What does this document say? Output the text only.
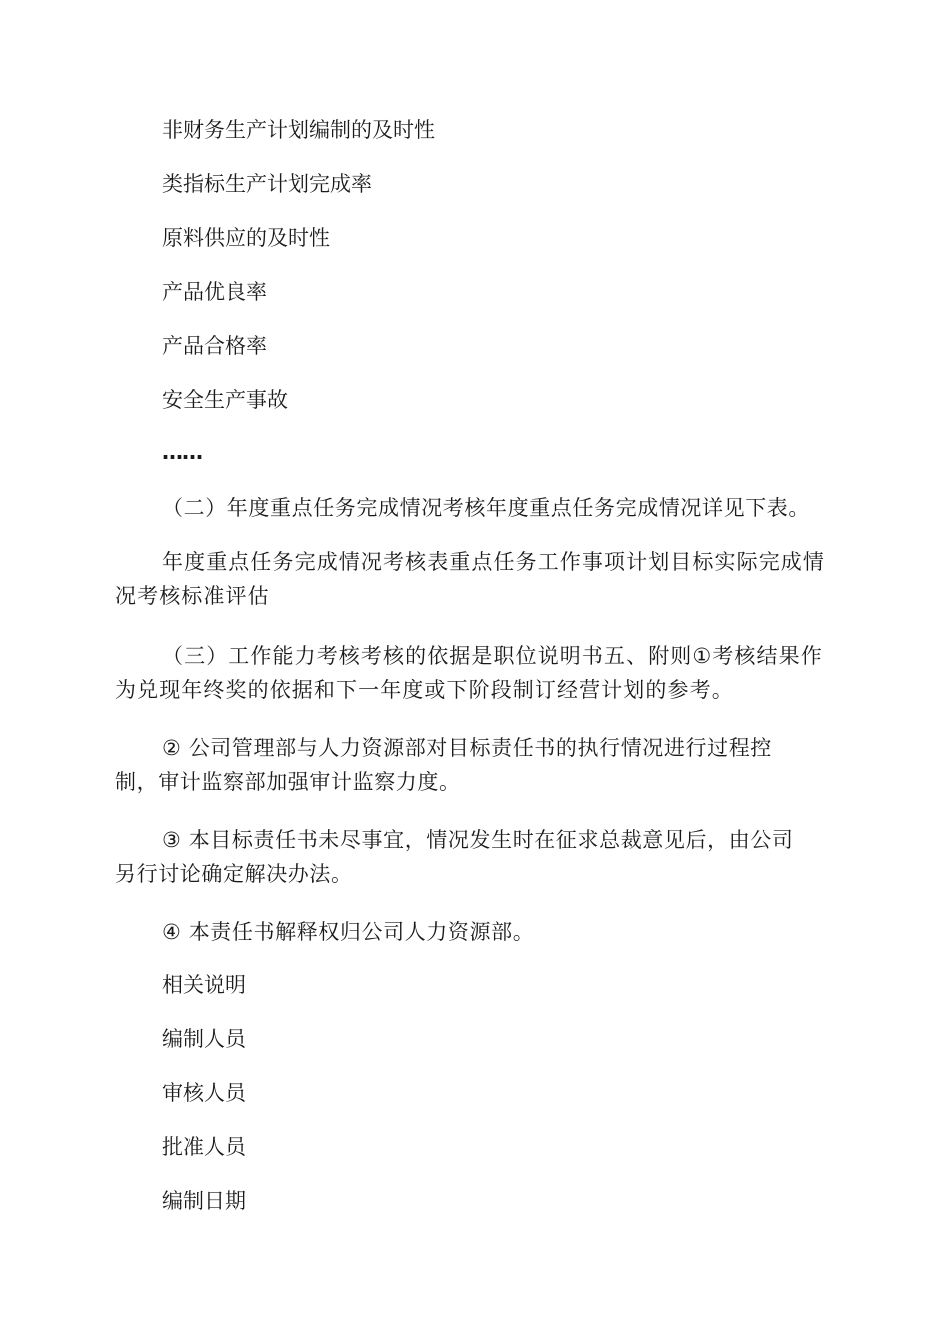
非财务生产计划编制的及时性
类指标生产计划完成率
原料供应的及时性
产品优良率
产品合格率
安全生产事故
……
（二）年度重点任务完成情况考核年度重点任务完成情况详见下表。
年度重点任务完成情况考核表重点任务工作事项计划目标实际完成情况考核标准评估
（三）工作能力考核考核的依据是职位说明书五、附则①考核结果作为兑现年终奖的依据和下一年度或下阶段制订经营计划的参考。
② 公司管理部与人力资源部对目标责任书的执行情况进行过程控制，审计监察部加强审计监察力度。
③ 本目标责任书未尽事宜，情况发生时在征求总裁意见后，由公司另行讨论确定解决办法。
④ 本责任书解释权归公司人力资源部。
相关说明
编制人员
审核人员
批准人员
编制日期
